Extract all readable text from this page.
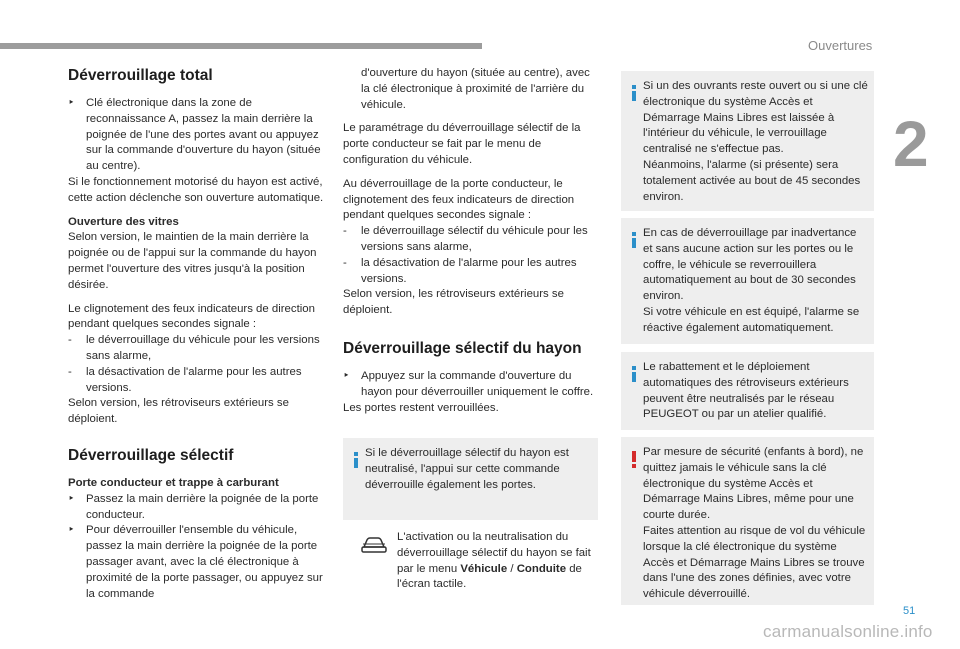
Ouvertures
2

Déverrouillage total

‣ Clé électronique dans la zone de reconnaissance A, passez la main derrière la poignée de l'une des portes avant ou appuyez sur la commande d'ouverture du hayon (située au centre).

Si le fonctionnement motorisé du hayon est activé, cette action déclenche son ouverture automatique.

Ouverture des vitres

Selon version, le maintien de la main derrière la poignée ou de l'appui sur la commande du hayon permet l'ouverture des vitres jusqu'à la position désirée.

Le clignotement des feux indicateurs de direction pendant quelques secondes signale :

- le déverrouillage du véhicule pour les versions sans alarme,

- la désactivation de l'alarme pour les autres versions.

Selon version, les rétroviseurs extérieurs se déploient.

Déverrouillage sélectif

Porte conducteur et trappe à carburant

‣ Passez la main derrière la poignée de la porte conducteur.

‣ Pour déverrouiller l'ensemble du véhicule, passez la main derrière la poignée de la porte passager avant, avec la clé électronique à proximité de la porte passager, ou appuyez sur la commande

d'ouverture du hayon (située au centre), avec la clé électronique à proximité de l'arrière du véhicule.

Le paramétrage du déverrouillage sélectif de la porte conducteur se fait par le menu de configuration du véhicule.

Au déverrouillage de la porte conducteur, le clignotement des feux indicateurs de direction pendant quelques secondes signale :

- le déverrouillage sélectif du véhicule pour les versions sans alarme,

- la désactivation de l'alarme pour les autres versions.

Selon version, les rétroviseurs extérieurs se déploient.

Déverrouillage sélectif du hayon

‣ Appuyez sur la commande d'ouverture du hayon pour déverrouiller uniquement le coffre.

Les portes restent verrouillées.

Si le déverrouillage sélectif du hayon est neutralisé, l'appui sur cette commande déverrouille également les portes.

L'activation ou la neutralisation du déverrouillage sélectif du hayon se fait par le menu Véhicule / Conduite de l'écran tactile.

Si un des ouvrants reste ouvert ou si une clé électronique du système Accès et Démarrage Mains Libres est laissée à l'intérieur du véhicule, le verrouillage centralisé ne s'effectue pas.

Néanmoins, l'alarme (si présente) sera totalement activée au bout de 45 secondes environ.

En cas de déverrouillage par inadvertance et sans aucune action sur les portes ou le coffre, le véhicule se reverrouillera automatiquement au bout de 30 secondes environ.

Si votre véhicule en est équipé, l'alarme se réactive également automatiquement.

Le rabattement et le déploiement automatiques des rétroviseurs extérieurs peuvent être neutralisés par le réseau PEUGEOT ou par un atelier qualifié.

Par mesure de sécurité (enfants à bord), ne quittez jamais le véhicule sans la clé électronique du système Accès et Démarrage Mains Libres, même pour une courte durée.

Faites attention au risque de vol du véhicule lorsque la clé électronique du système Accès et Démarrage Mains Libres se trouve dans l'une des zones définies, avec votre véhicule déverrouillé.

51
carmanualsonline.info
